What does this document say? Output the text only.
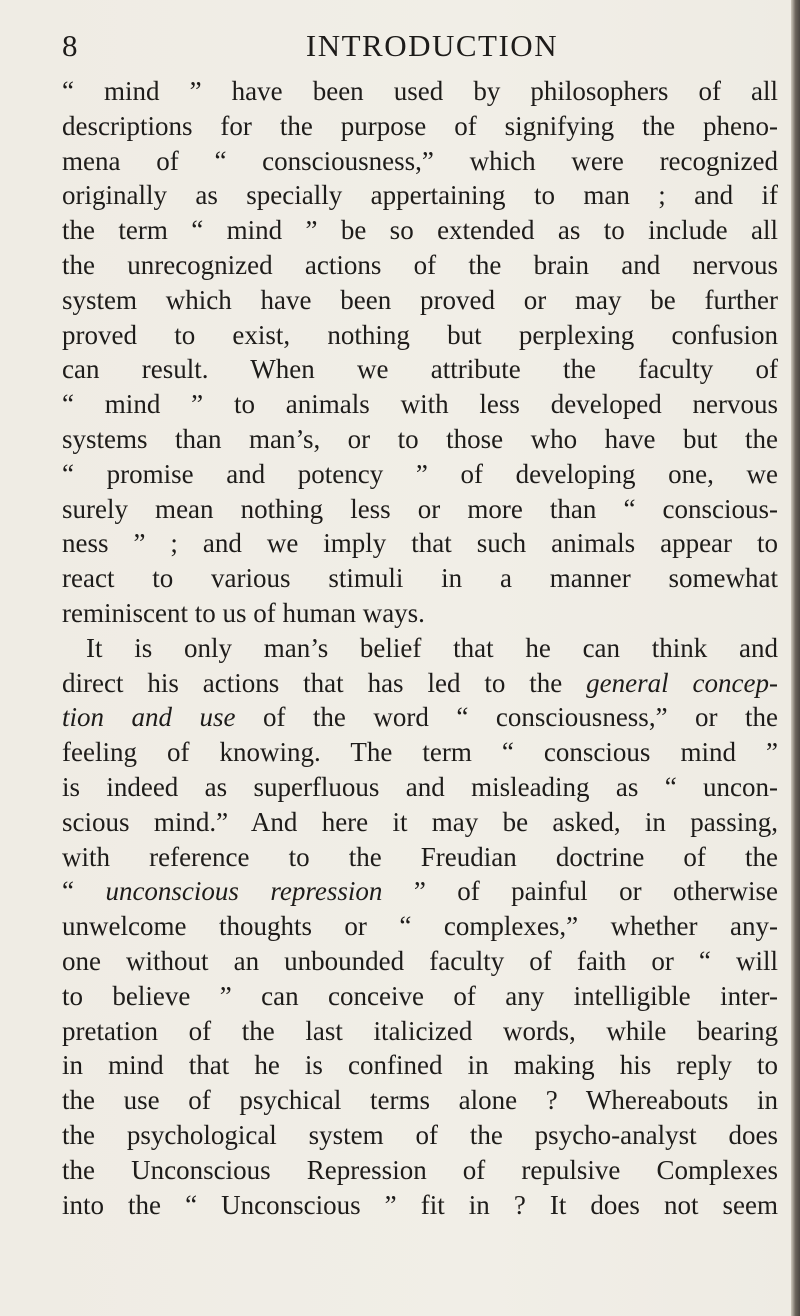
8	INTRODUCTION
“ mind ” have been used by philosophers of all
descriptions for the purpose of signifying the pheno-
mena of “ consciousness,” which were recognized
originally as specially appertaining to man ; and if
the term “ mind ” be so extended as to include all
the unrecognized actions of the brain and nervous
system which have been proved or may be further
proved to exist, nothing but perplexing confusion
can result. When we attribute the faculty of
“ mind ” to animals with less developed nervous
systems than man’s, or to those who have but the
“ promise and potency ” of developing one, we
surely mean nothing less or more than “ conscious-
ness ” ; and we imply that such animals appear to
react to various stimuli in a manner somewhat
reminiscent to us of human ways.
It is only man’s belief that he can think and
direct his actions that has led to the general concep-
tion and use of the word “ consciousness,” or the
feeling of knowing. The term “ conscious mind ”
is indeed as superfluous and misleading as “ uncon-
scious mind.” And here it may be asked, in passing,
with reference to the Freudian doctrine of the
“ unconscious repression ” of painful or otherwise
unwelcome thoughts or “ complexes,” whether any-
one without an unbounded faculty of faith or “ will
to believe ” can conceive of any intelligible inter-
pretation of the last italicized words, while bearing
in mind that he is confined in making his reply to
the use of psychical terms alone ? Whereabouts in
the psychological system of the psycho-analyst does
the Unconscious Repression of repulsive Complexes
into the “ Unconscious ” fit in ? It does not seem
